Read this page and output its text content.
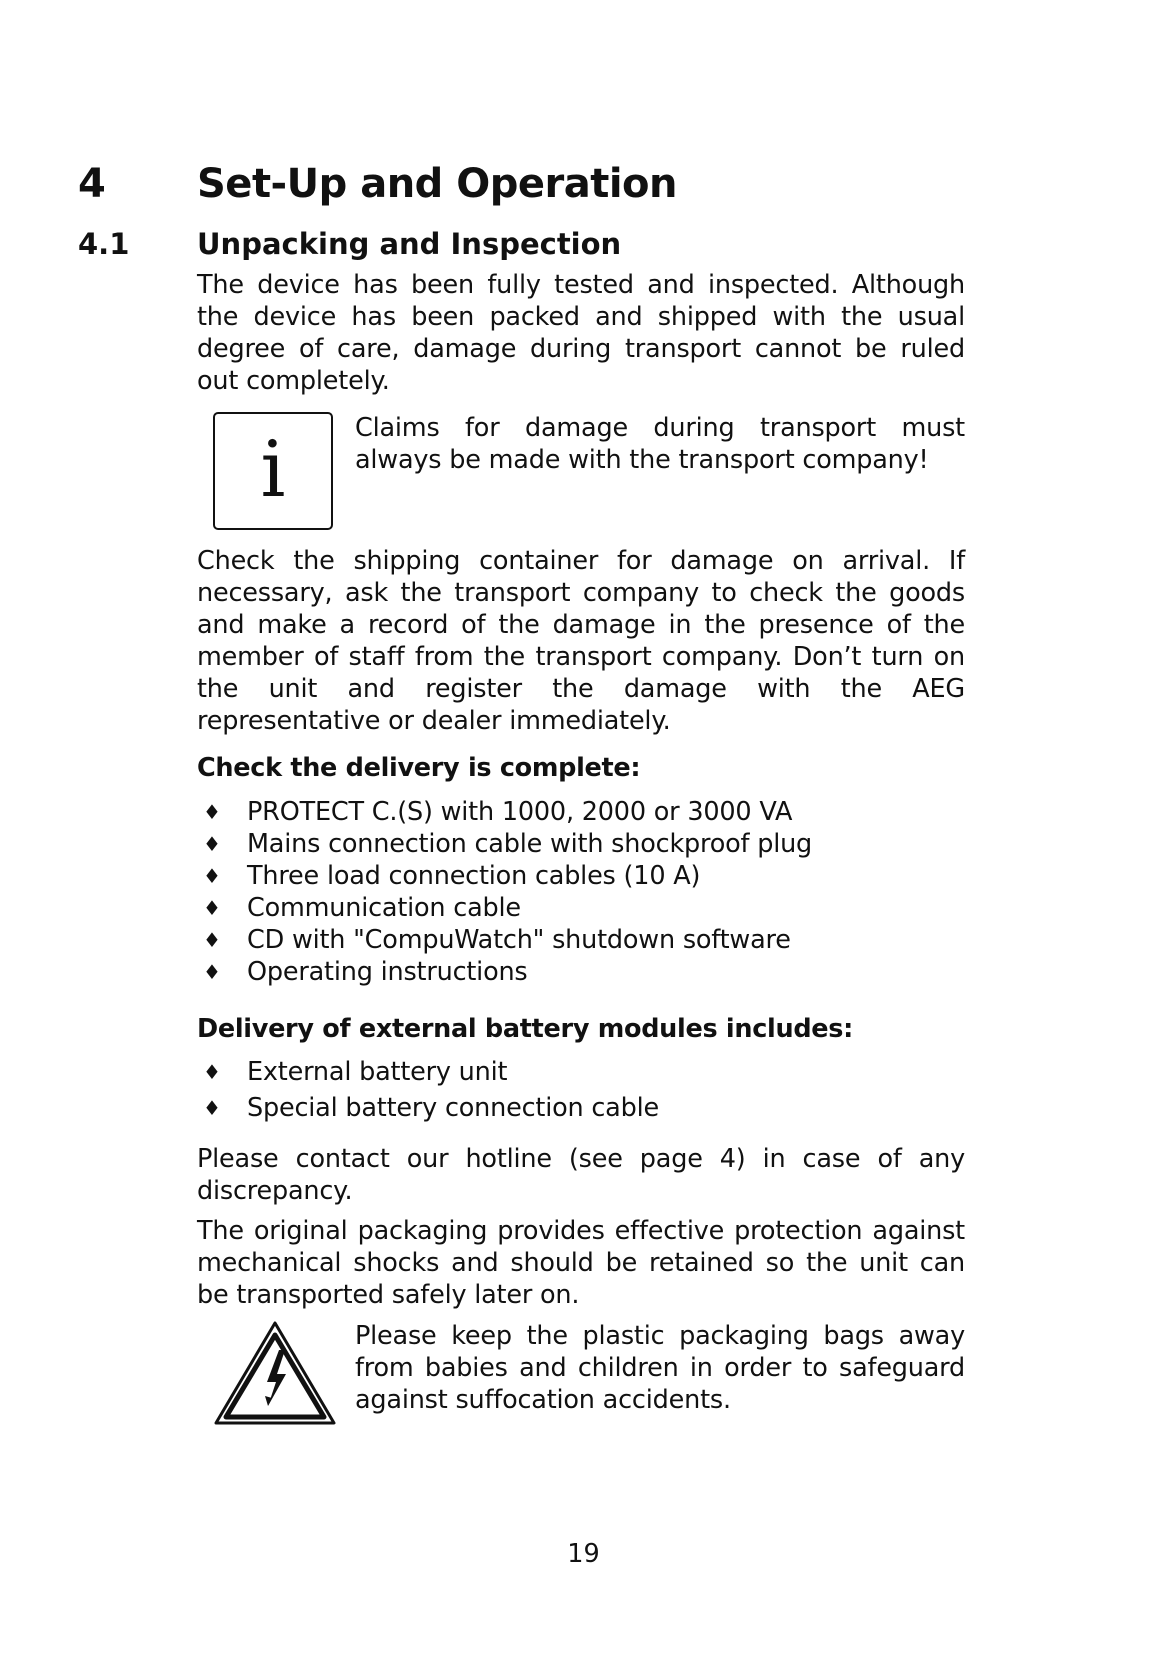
4 Set-Up and Operation
4.1 Unpacking and Inspection

The device has been fully tested and inspected. Although the device has been packed and shipped with the usual degree of care, damage during transport cannot be ruled out completely.

i	Claims for damage during transport must always be made with the transport company!

Check the shipping container for damage on arrival. If necessary, ask the transport company to check the goods and make a record of the damage in the presence of the member of staff from the transport company. Don’t turn on the unit and register the damage with the AEG representative or dealer immediately.

Check the delivery is complete:
♦ PROTECT C.(S) with 1000, 2000 or 3000 VA
♦ Mains connection cable with shockproof plug
♦ Three load connection cables (10 A)
♦ Communication cable
♦ CD with "CompuWatch" shutdown software
♦ Operating instructions
Delivery of external battery modules includes:
♦ External battery unit
♦ Special battery connection cable

Please contact our hotline (see page 4) in case of any discrepancy.

The original packaging provides effective protection against mechanical shocks and should be retained so the unit can be transported safely later on.

Please keep the plastic packaging bags away from babies and children in order to safeguard against suffocation accidents.

19
